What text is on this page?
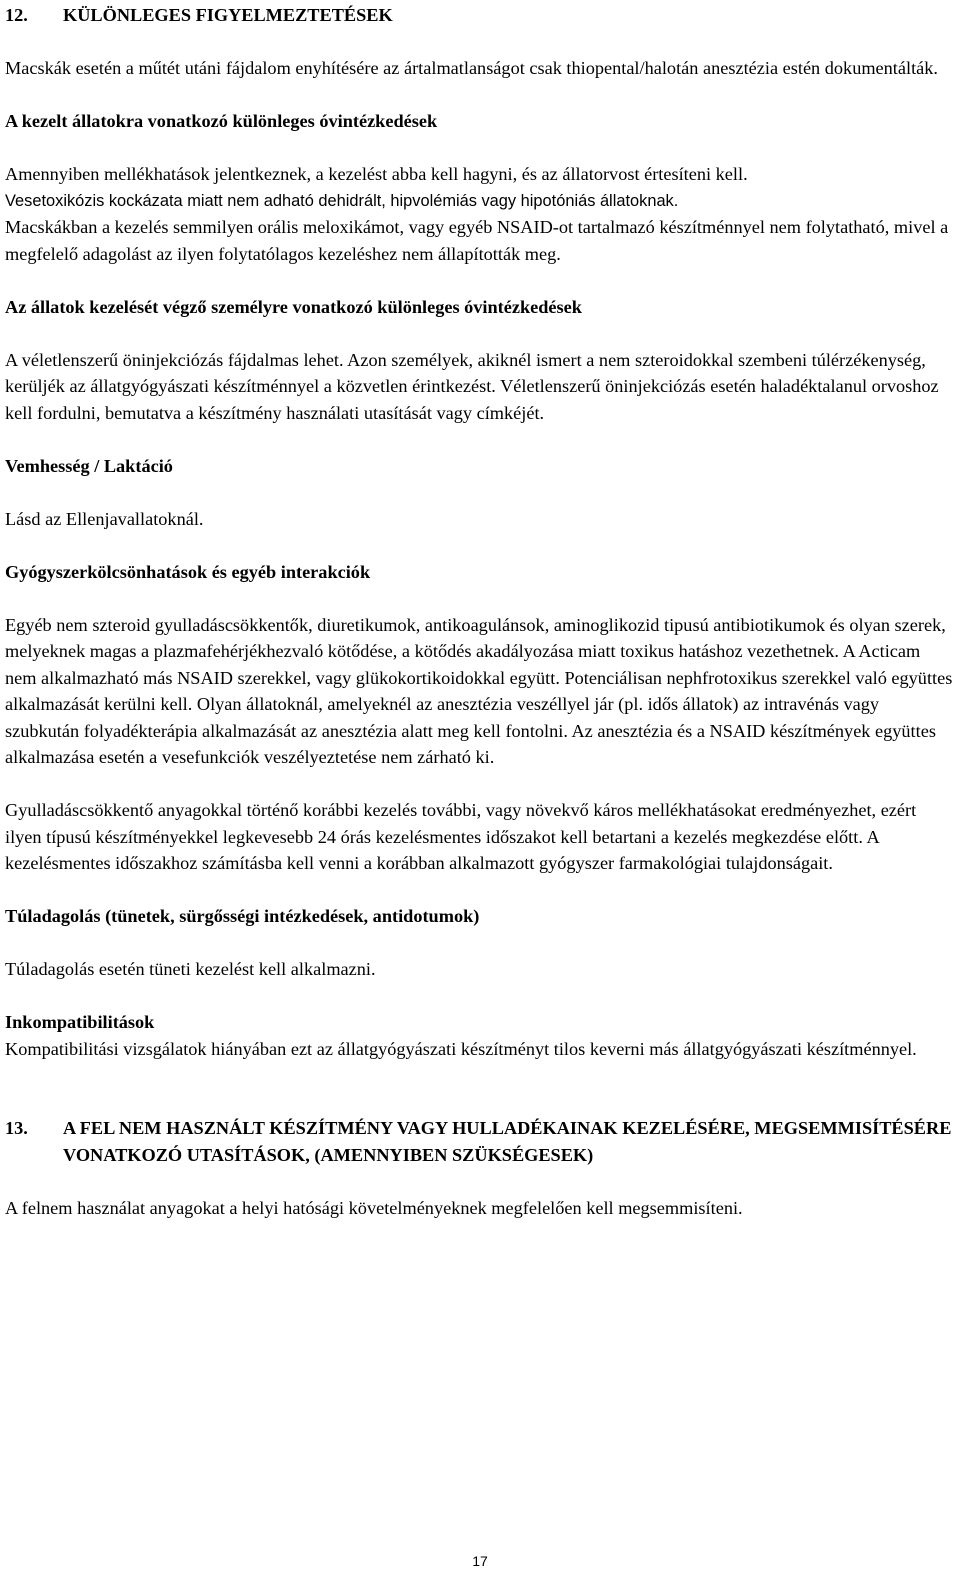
12.	KÜLÖNLEGES FIGYELMEZTETÉSEK

Macskák esetén a műtét utáni fájdalom enyhítésére az ártalmatlanságot csak thiopental/halotán anesztézia estén dokumentálták.

A kezelt állatokra vonatkozó különleges óvintézkedések

Amennyiben mellékhatások jelentkeznek, a kezelést abba kell hagyni, és az állatorvost értesíteni kell.

Vesetoxikózis kockázata miatt nem adható dehidrált, hipvolémiás vagy hipotóniás állatoknak.

Macskákban a kezelés semmilyen orális meloxikámot, vagy egyéb NSAID-ot tartalmazó készítménnyel nem folytatható, mivel a megfelelő adagolást az ilyen folytatólagos kezeléshez nem állapították meg.

Az állatok kezelését végző személyre vonatkozó különleges óvintézkedések

A véletlenszerű öninjekciózás fájdalmas lehet. Azon személyek, akiknél ismert a nem szteroidokkal szembeni túlérzékenység, kerüljék az állatgyógyászati készítménnyel a közvetlen érintkezést. Véletlenszerű öninjekciózás esetén haladéktalanul orvoshoz kell fordulni, bemutatva a készítmény használati utasítását vagy címkéjét.

Vemhesség / Laktáció

Lásd az Ellenjavallatoknál.

Gyógyszerkölcsönhatások és egyéb interakciók

Egyéb nem szteroid gyulladáscsökkentők, diuretikumok, antikoagulánsok, aminoglikozid tipusú antibiotikumok és olyan szerek, melyeknek magas a plazmafehérjékhezvaló kötődése, a kötődés akadályozása miatt toxikus hatáshoz vezethetnek. A Acticam nem alkalmazható más NSAID szerekkel, vagy glükokortikoidokkal együtt. Potenciálisan nephfrotoxikus szerekkel való együttes alkalmazását kerülni kell. Olyan állatoknál, amelyeknél az anesztézia veszéllyel jár (pl. idős állatok) az intravénás vagy szubkután folyadékterápia alkalmazását az anesztézia alatt meg kell fontolni. Az anesztézia és a NSAID készítmények együttes alkalmazása esetén a vesefunkciók veszélyeztetése nem zárható ki.

Gyulladáscsökkentő anyagokkal történő korábbi kezelés további, vagy növekvő káros mellékhatásokat eredményezhet, ezért ilyen típusú készítményekkel legkevesebb 24 órás kezelésmentes időszakot kell betartani a kezelés megkezdése előtt. A kezelésmentes időszakhoz számításba kell venni a korábban alkalmazott gyógyszer farmakológiai tulajdonságait.

Túladagolás (tünetek, sürgősségi intézkedések, antidotumok)

Túladagolás esetén tüneti kezelést kell alkalmazni.

Inkompatibilitások

Kompatibilitási vizsgálatok hiányában ezt az állatgyógyászati készítményt tilos keverni más állatgyógyászati készítménnyel.

13.	A FEL NEM HASZNÁLT KÉSZÍTMÉNY VAGY HULLADÉKAINAK KEZELÉSÉRE, MEGSEMMISÍTÉSÉRE VONATKOZÓ UTASÍTÁSOK, (AMENNYIBEN SZÜKSÉGESEK)

A felnem használat anyagokat a helyi hatósági követelményeknek megfelelően kell megsemmisíteni.

17
